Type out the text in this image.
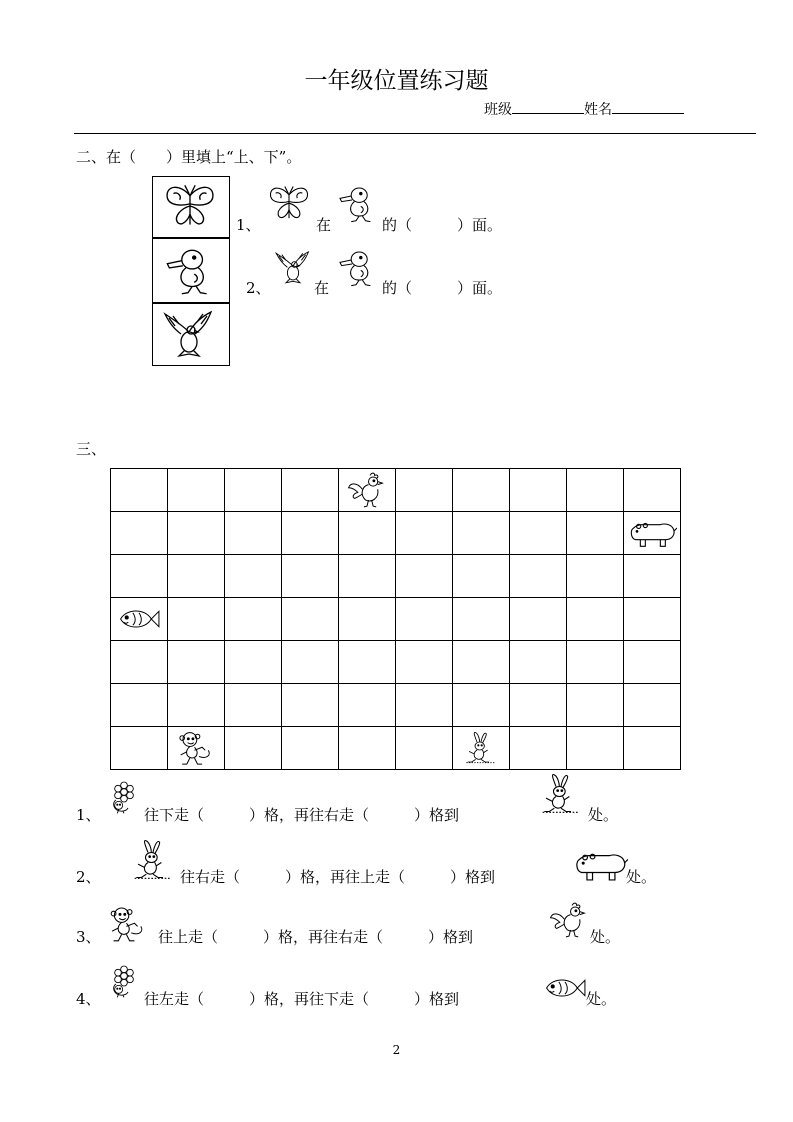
一年级位置练习题
班级	姓名
二、在（　　）里填上“上、下”。
1、	在	的（　　　）面。
2、	在	的（　　　）面。
三、

1、	往下走（　　　）格，再往右走（　　　）格到	处。
2、	往右走（　　　）格，再往上走（　　　）格到	处。
3、	往上走（　　　）格，再往右走（　　　）格到	处。
4、	往左走（　　　）格，再往下走（　　　）格到	处。
2
